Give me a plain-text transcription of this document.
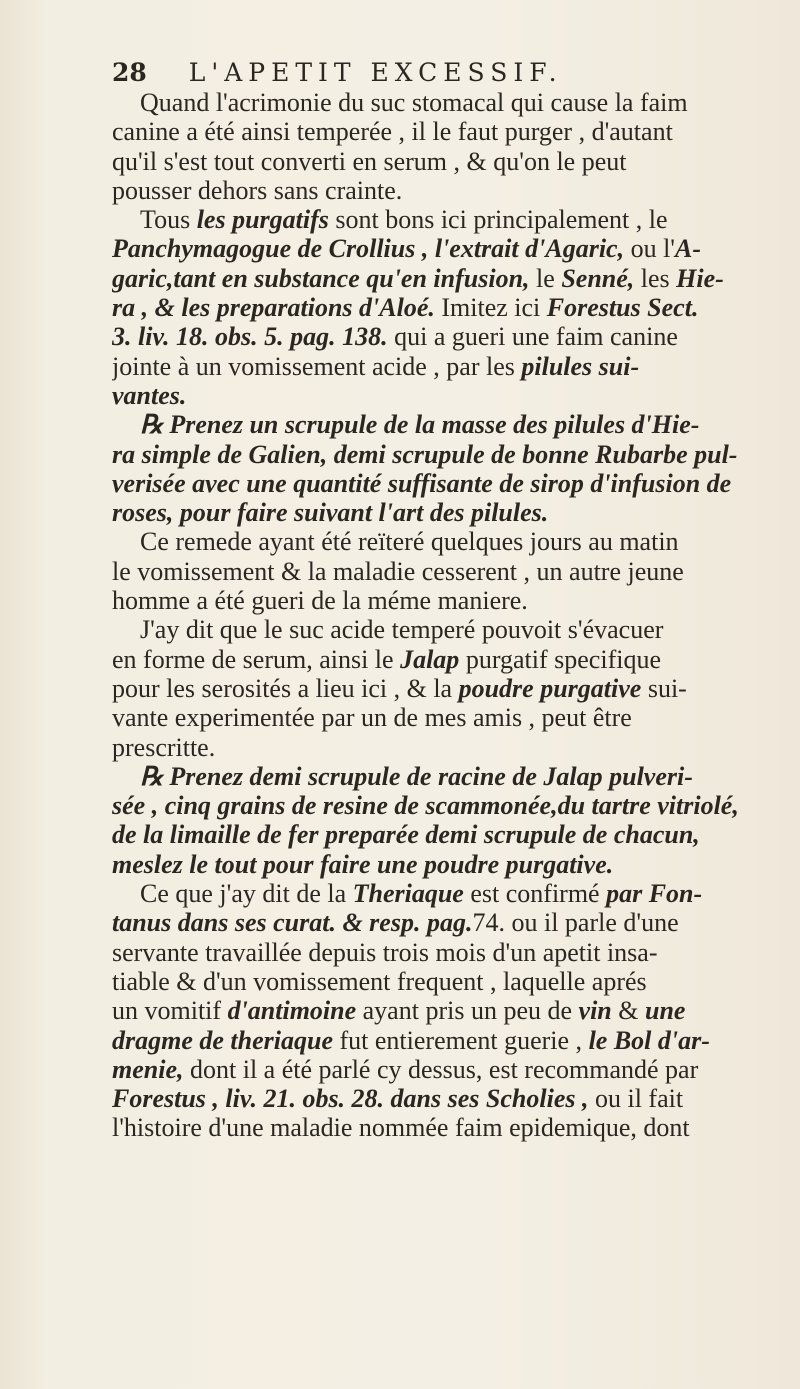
28 L'APETIT EXCESSIF.
Quand l'acrimonie du suc stomacal qui cause la faim
canine a été ainsi temperée , il le faut purger , d'autant
qu'il s'est tout converti en serum , & qu'on le peut
pousser dehors sans crainte.
Tous les purgatifs sont bons ici principalement , le
Panchymagogue de Crollius , l'extrait d'Agaric, ou l'A-
garic,tant en substance qu'en infusion, le Senné, les Hie-
ra , & les preparations d'Aloé. Imitez ici Forestus Sect.
3. liv. 18. obs. 5. pag. 138. qui a gueri une faim canine
jointe à un vomissement acide , par les pilules sui-
vantes.
℞ Prenez un scrupule de la masse des pilules d'Hie-
ra simple de Galien, demi scrupule de bonne Rubarbe pul-
verisée avec une quantité suffisante de sirop d'infusion de
roses, pour faire suivant l'art des pilules.
Ce remede ayant été reïteré quelques jours au matin
le vomissement & la maladie cesserent , un autre jeune
homme a été gueri de la méme maniere.
J'ay dit que le suc acide temperé pouvoit s'évacuer
en forme de serum, ainsi le Jalap purgatif specifique
pour les serosités a lieu ici , & la poudre purgative sui-
vante experimentée par un de mes amis , peut être
prescritte.
℞ Prenez demi scrupule de racine de Jalap pulveri-
sée , cinq grains de resine de scammonée,du tartre vitriolé,
de la limaille de fer preparée demi scrupule de chacun,
meslez le tout pour faire une poudre purgative.
Ce que j'ay dit de la Theriaque est confirmé par Fon-
tanus dans ses curat. & resp. pag.74. ou il parle d'une
servante travaillée depuis trois mois d'un apetit insa-
tiable & d'un vomissement frequent , laquelle aprés
un vomitif d'antimoine ayant pris un peu de vin & une
dragme de theriaque fut entierement guerie , le Bol d'ar-
menie, dont il a été parlé cy dessus, est recommandé par
Forestus , liv. 21. obs. 28. dans ses Scholies , ou il fait
l'histoire d'une maladie nommée faim epidemique, dont
